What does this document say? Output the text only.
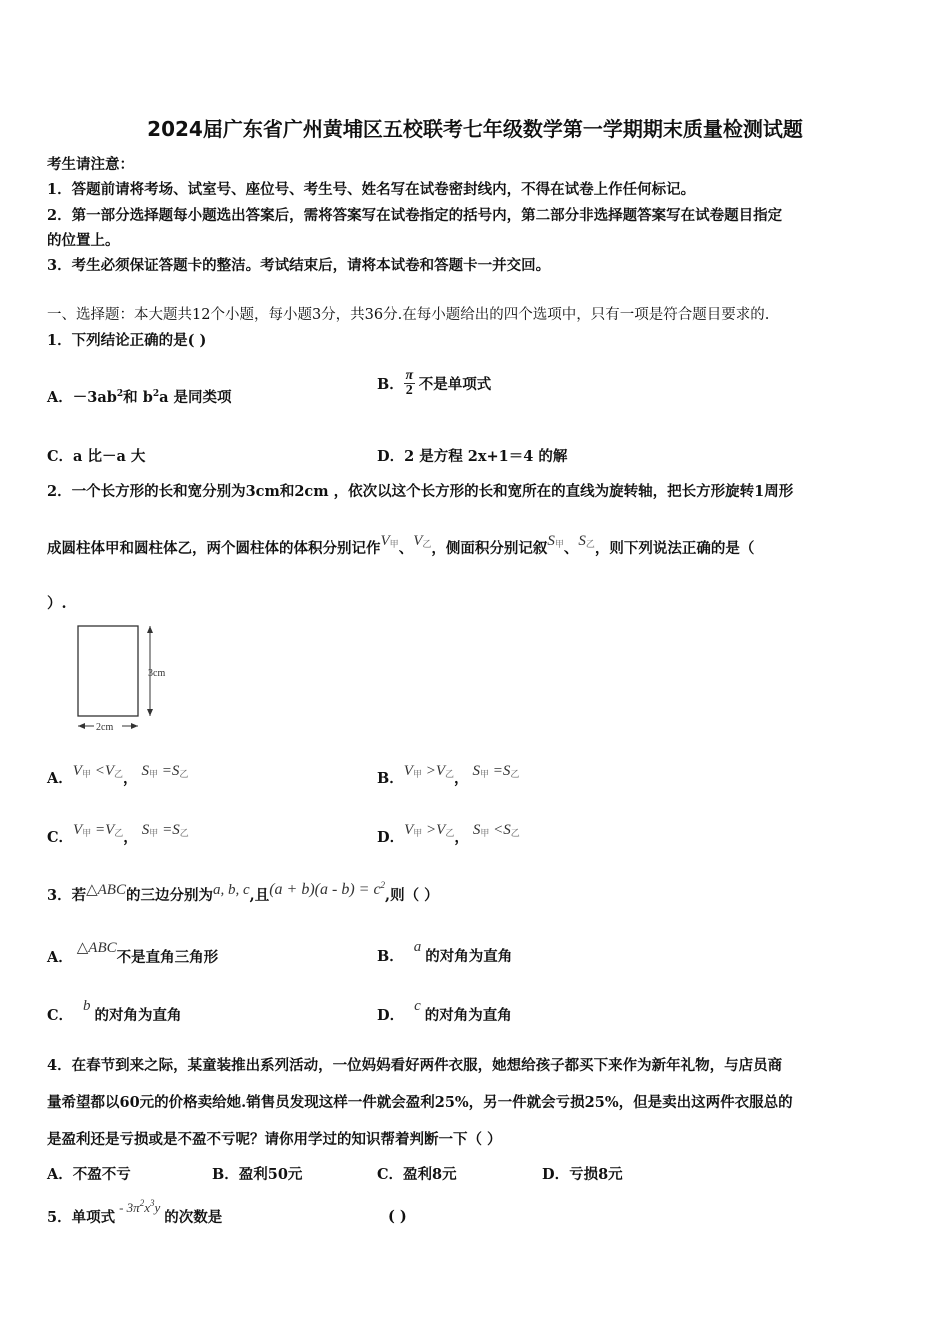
2024届广东省广州黄埔区五校联考七年级数学第一学期期末质量检测试题
考生请注意：
1．答题前请将考场、试室号、座位号、考生号、姓名写在试卷密封线内，不得在试卷上作任何标记。
2．第一部分选择题每小题选出答案后，需将答案写在试卷指定的括号内，第二部分非选择题答案写在试卷题目指定
的位置上。
3．考生必须保证答题卡的整洁。考试结束后，请将本试卷和答题卡一并交回。
一、选择题：本大题共12个小题，每小题3分，共36分.在每小题给出的四个选项中，只有一项是符合题目要求的.
1．下列结论正确的是( )
A．$-3ab^2$和 $b^2a$ 是同类项
B． $\frac{\pi}{2}$ 不是单项式
C．a 比－a 大	D．2 是方程 2x+1＝4 的解
2．一个长方形的长和宽分别为3cm和2cm ，依次以这个长方形的长和宽所在的直线为旋转轴，把长方形旋转1周形
成圆柱体甲和圆柱体乙，两个圆柱体的体积分别记作$V_甲$、$V_乙$，侧面积分别记叙$S_甲$、$S_乙$，则下列说法正确的是（
）.
3cm
2cm
A．$V_甲 <V_乙$， $S_甲 =S_乙$	B．$V_甲 >V_乙$， $S_甲 =S_乙$
C．$V_甲 =V_乙$， $S_甲 =S_乙$	D．$V_甲 >V_乙$， $S_甲 <S_乙$
3．若△ABC的三边分别为a, b, c,且$(a + b)(a - b) = c^2$,则（ ）
A．△ABC不是直角三角形	B．a的对角为直角
C．b的对角为直角	D．c的对角为直角
4．在春节到来之际，某童装推出系列活动，一位妈妈看好两件衣服，她想给孩子都买下来作为新年礼物，与店员商
量希望都以60元的价格卖给她.销售员发现这样一件就会盈利25%，另一件就会亏损25%，但是卖出这两件衣服总的
是盈利还是亏损或是不盈不亏呢？请你用学过的知识帮着判断一下（ ）
A．不盈不亏	B．盈利50元	C．盈利8元	D．亏损8元
5．单项式- $3\pi^2x^3y$的次数是	( )
